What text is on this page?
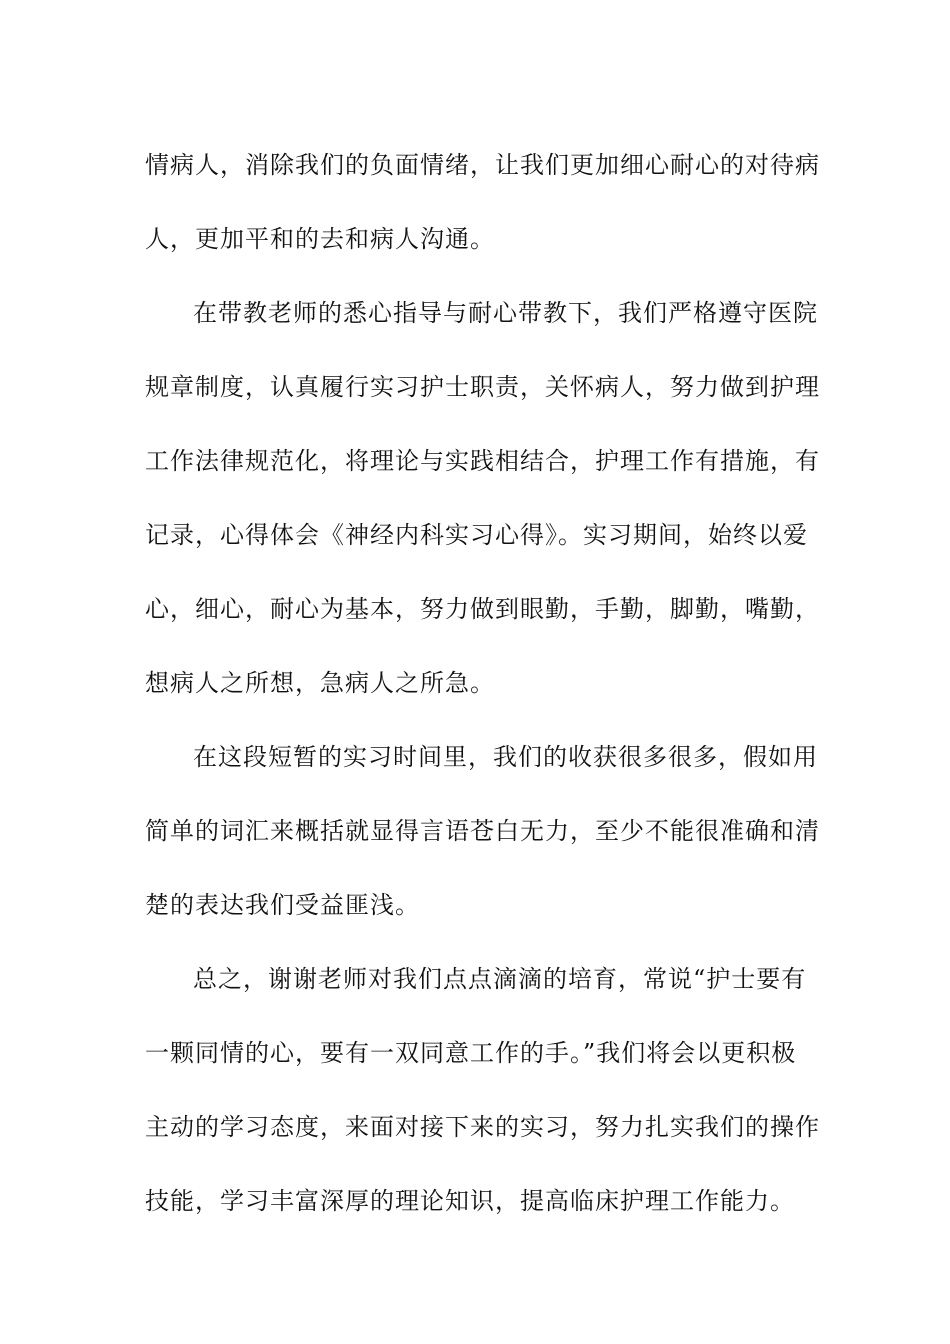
情病人，消除我们的负面情绪，让我们更加细心耐心的对待病
人，更加平和的去和病人沟通。
在带教老师的悉心指导与耐心带教下，我们严格遵守医院
规章制度，认真履行实习护士职责，关怀病人，努力做到护理
工作法律规范化，将理论与实践相结合，护理工作有措施，有
记录，心得体会《神经内科实习心得》。实习期间，始终以爱
心，细心，耐心为基本，努力做到眼勤，手勤，脚勤，嘴勤，
想病人之所想，急病人之所急。
在这段短暂的实习时间里，我们的收获很多很多，假如用
简单的词汇来概括就显得言语苍白无力，至少不能很准确和清
楚的表达我们受益匪浅。
总之，谢谢老师对我们点点滴滴的培育，常说“护士要有
一颗同情的心，要有一双同意工作的手。”我们将会以更积极
主动的学习态度，来面对接下来的实习，努力扎实我们的操作
技能，学习丰富深厚的理论知识，提高临床护理工作能力。
